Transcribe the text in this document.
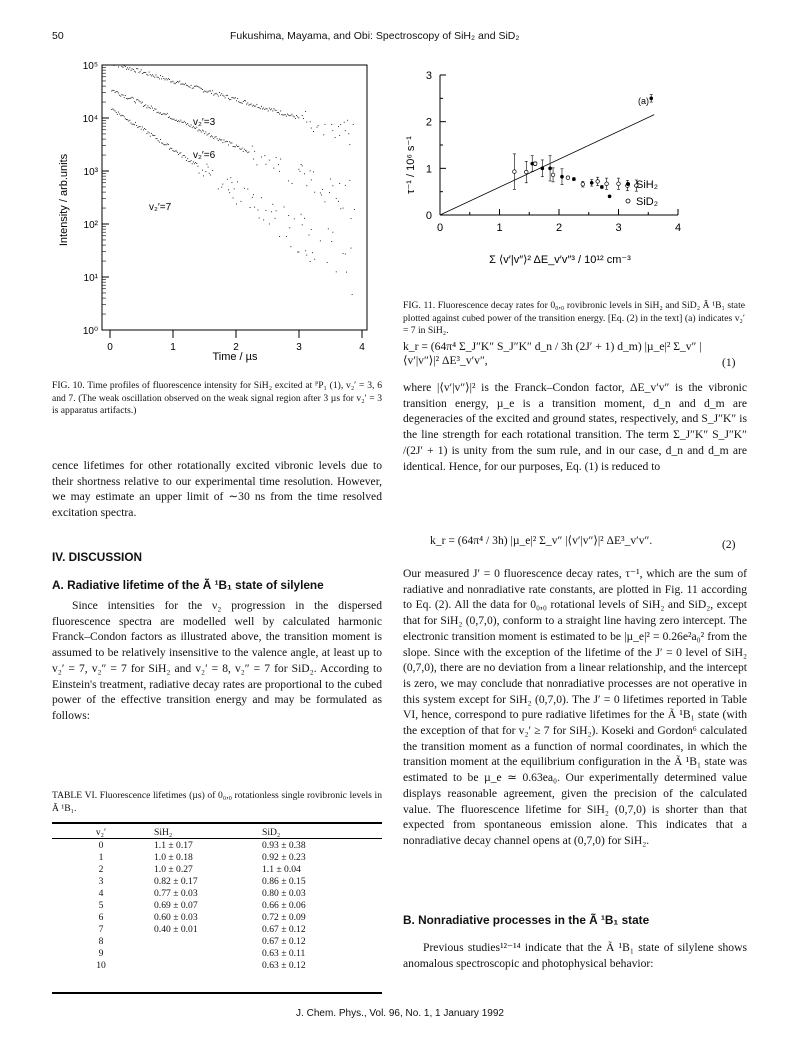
50	Fukushima, Mayama, and Obi: Spectroscopy of SiH₂ and SiD₂
10⁰
10¹
10²
10³
10⁴
10⁵
0	1	2	3	4
v₂′=3
v₂′=6
v₂′=7
Time / µs
Intensity / arb.units
FIG. 10. Time profiles of fluorescence intensity for SiH₂ excited at ᴾP₁ (1), v₂′ = 3, 6 and 7. (The weak oscillation observed on the weak signal region after 3 µs for v₂′ = 3 is apparatus artifacts.)
0	1	2	3	4
0
1
2
3
(a)
SiH₂
SiD₂
Σ ⟨v′|v″⟩² ΔE_v′v″³ / 10¹² cm⁻³
τ⁻¹ / 10⁶ s⁻¹
FIG. 11. Fluorescence decay rates for 0₀,₀ rovibronic levels in SiH₂ and SiD₂ Ã ¹B₁ state plotted against cubed power of the transition energy. [Eq. (2) in the text] (a) indicates v₂′ = 7 in SiH₂.
cence lifetimes for other rotationally excited vibronic levels due to their shortness relative to our experimental time resolution. However, we may estimate an upper limit of ∼30 ns from the time resolved excitation spectra.
IV. DISCUSSION
A. Radiative lifetime of the Ã ¹B₁ state of silylene
Since intensities for the ν₂ progression in the dispersed fluorescence spectra are modelled well by calculated harmonic Franck–Condon factors as illustrated above, the transition moment is assumed to be relatively insensitive to the valence angle, at least up to v₂′ = 7, v₂″ = 7 for SiH₂ and v₂′ = 8, v₂″ = 7 for SiD₂. According to Einstein's treatment, radiative decay rates are proportional to the cubed power of the effective transition energy and may be formulated as follows:
TABLE VI. Fluorescence lifetimes (µs) of 0₀,₀ rotationless single rovibronic levels in Ã ¹B₁.
v₂′	SiH₂	SiD₂
0	1.1 ± 0.17	0.93 ± 0.38
1	1.0 ± 0.18	0.92 ± 0.23
2	1.0 ± 0.27	1.1 ± 0.04
3	0.82 ± 0.17	0.86 ± 0.15
4	0.77 ± 0.03	0.80 ± 0.03
5	0.69 ± 0.07	0.66 ± 0.06
6	0.60 ± 0.03	0.72 ± 0.09
7	0.40 ± 0.01	0.67 ± 0.12
8		0.67 ± 0.12
9		0.63 ± 0.11
10		0.63 ± 0.12
k_r = (64π⁴ Σ_J″K″ S_J″K″ d_n / 3h (2J′ + 1) d_m) |µ_e|² Σ_v″ |⟨v′|v″⟩|² ΔE³_v′v″,	(1)
where |⟨v′|v″⟩|² is the Franck–Condon factor, ΔE_v′v″ is the vibronic transition energy, µ_e is a transition moment, d_n and d_m are degeneracies of the excited and ground states, respectively, and S_J″K″ is the line strength for each rotational transition. The term Σ_J″K″ S_J″K″ /(2J′ + 1) is unity from the sum rule, and in our case, d_n and d_m are identical. Hence, for our purposes, Eq. (1) is reduced to
k_r = (64π⁴ / 3h) |µ_e|² Σ_v″ |⟨v′|v″⟩|² ΔE³_v′v″.	(2)
Our measured J′ = 0 fluorescence decay rates, τ⁻¹, which are the sum of radiative and nonradiative rate constants, are plotted in Fig. 11 according to Eq. (2). All the data for 0₀,₀ rotational levels of SiH₂ and SiD₂, except that for SiH₂ (0,7,0), conform to a straight line having zero intercept. The electronic transition moment is estimated to be |µ_e|² = 0.26e²a₀² from the slope. Since with the exception of the lifetime of the J′ = 0 level of SiH₂ (0,7,0), there are no deviation from a linear relationship, and the intercept is zero, we may conclude that nonradiative processes are not operative in this system except for SiH₂ (0,7,0). The J′ = 0 lifetimes reported in Table VI, hence, correspond to pure radiative lifetimes for the Ã ¹B₁ state (with the exception of that for v₂′ ≥ 7 for SiH₂). Koseki and Gordon⁶ calculated the transition moment as a function of normal coordinates, in which the transition moment at the equilibrium configuration in the Ã ¹B₁ state was estimated to be µ_e ≃ 0.63ea₀. Our experimentally determined value displays reasonable agreement, given the precision of the calculated value. The fluorescence lifetime for SiH₂ (0,7,0) is shorter than that expected from spontaneous emission alone. This indicates that a nonradiative decay channel opens at (0,7,0) for SiH₂.
B. Nonradiative processes in the Ã ¹B₁ state
Previous studies¹²⁻¹⁴ indicate that the Ã ¹B₁ state of silylene shows anomalous spectroscopic and photophysical behavior:
J. Chem. Phys., Vol. 96, No. 1, 1 January 1992
